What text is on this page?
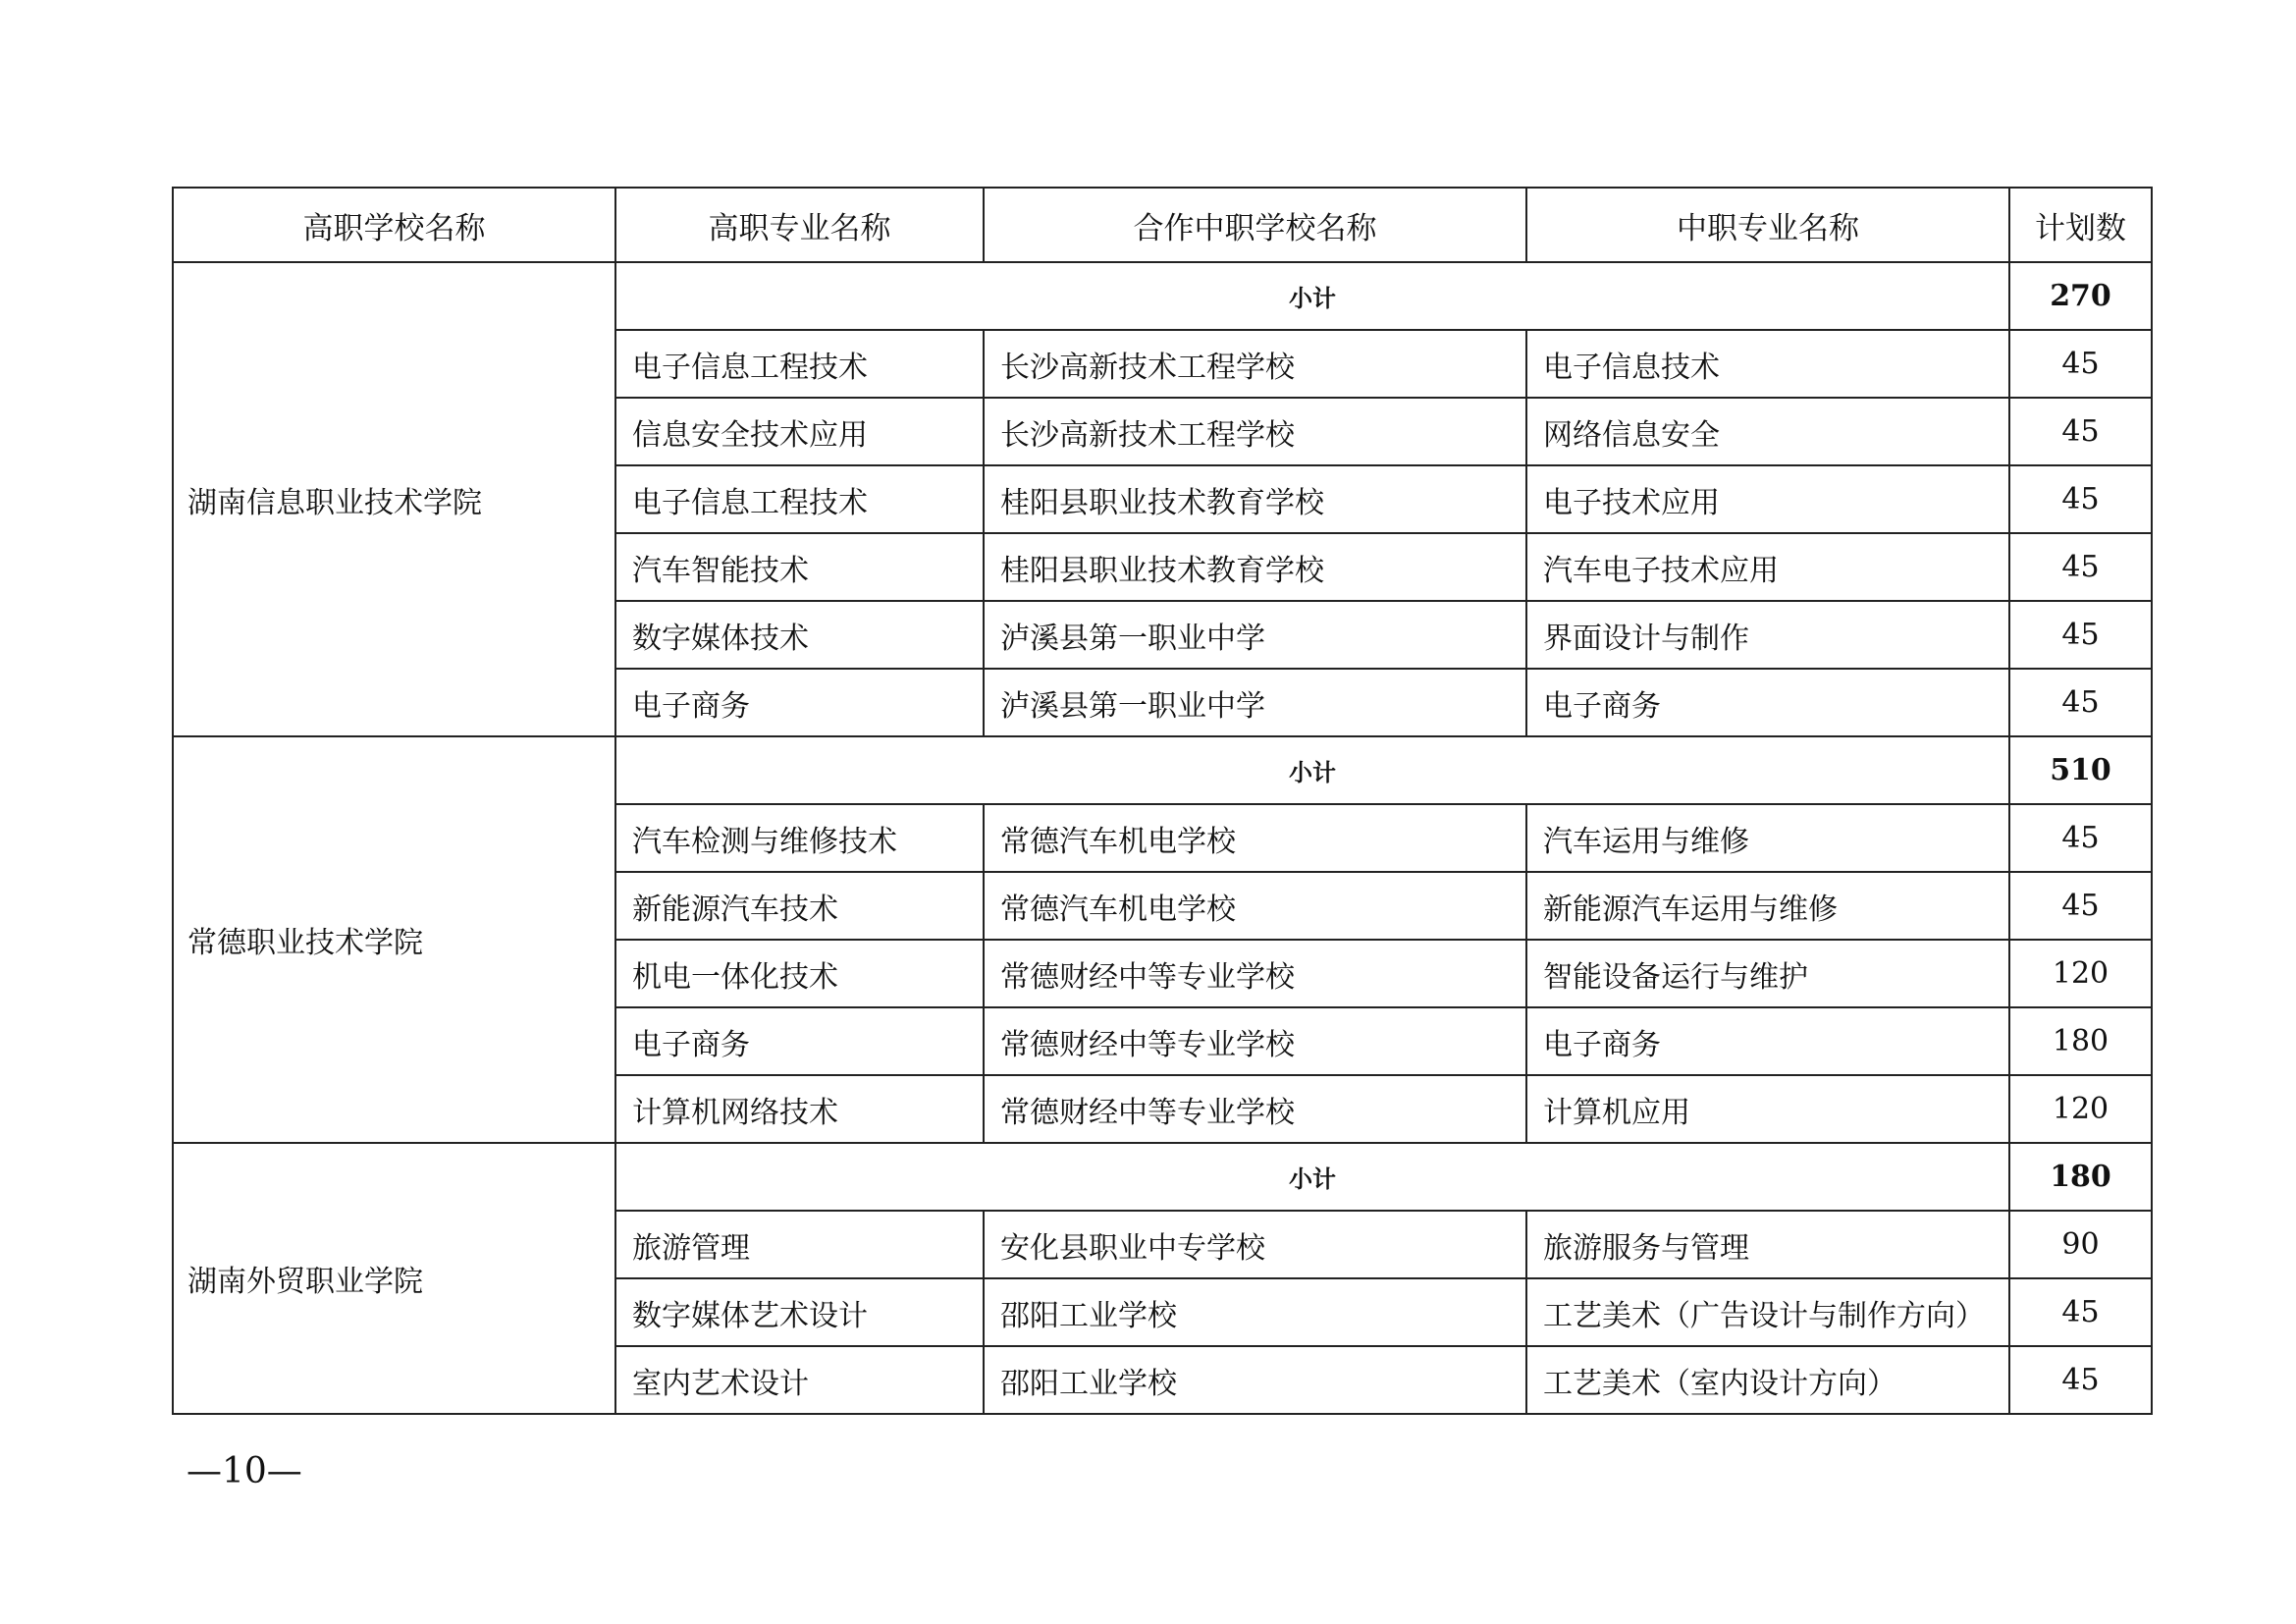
高职学校名称	高职专业名称	合作中职学校名称	中职专业名称	计划数
湖南信息职业技术学院	小计			270
	电子信息工程技术	长沙高新技术工程学校	电子信息技术	45
	信息安全技术应用	长沙高新技术工程学校	网络信息安全	45
	电子信息工程技术	桂阳县职业技术教育学校	电子技术应用	45
	汽车智能技术	桂阳县职业技术教育学校	汽车电子技术应用	45
	数字媒体技术	泸溪县第一职业中学	界面设计与制作	45
	电子商务	泸溪县第一职业中学	电子商务	45
常德职业技术学院	小计			510
	汽车检测与维修技术	常德汽车机电学校	汽车运用与维修	45
	新能源汽车技术	常德汽车机电学校	新能源汽车运用与维修	45
	机电一体化技术	常德财经中等专业学校	智能设备运行与维护	120
	电子商务	常德财经中等专业学校	电子商务	180
	计算机网络技术	常德财经中等专业学校	计算机应用	120
湖南外贸职业学院	小计			180
	旅游管理	安化县职业中专学校	旅游服务与管理	90
	数字媒体艺术设计	邵阳工业学校	工艺美术（广告设计与制作方向）	45
	室内艺术设计	邵阳工业学校	工艺美术（室内设计方向）	45
—10—
